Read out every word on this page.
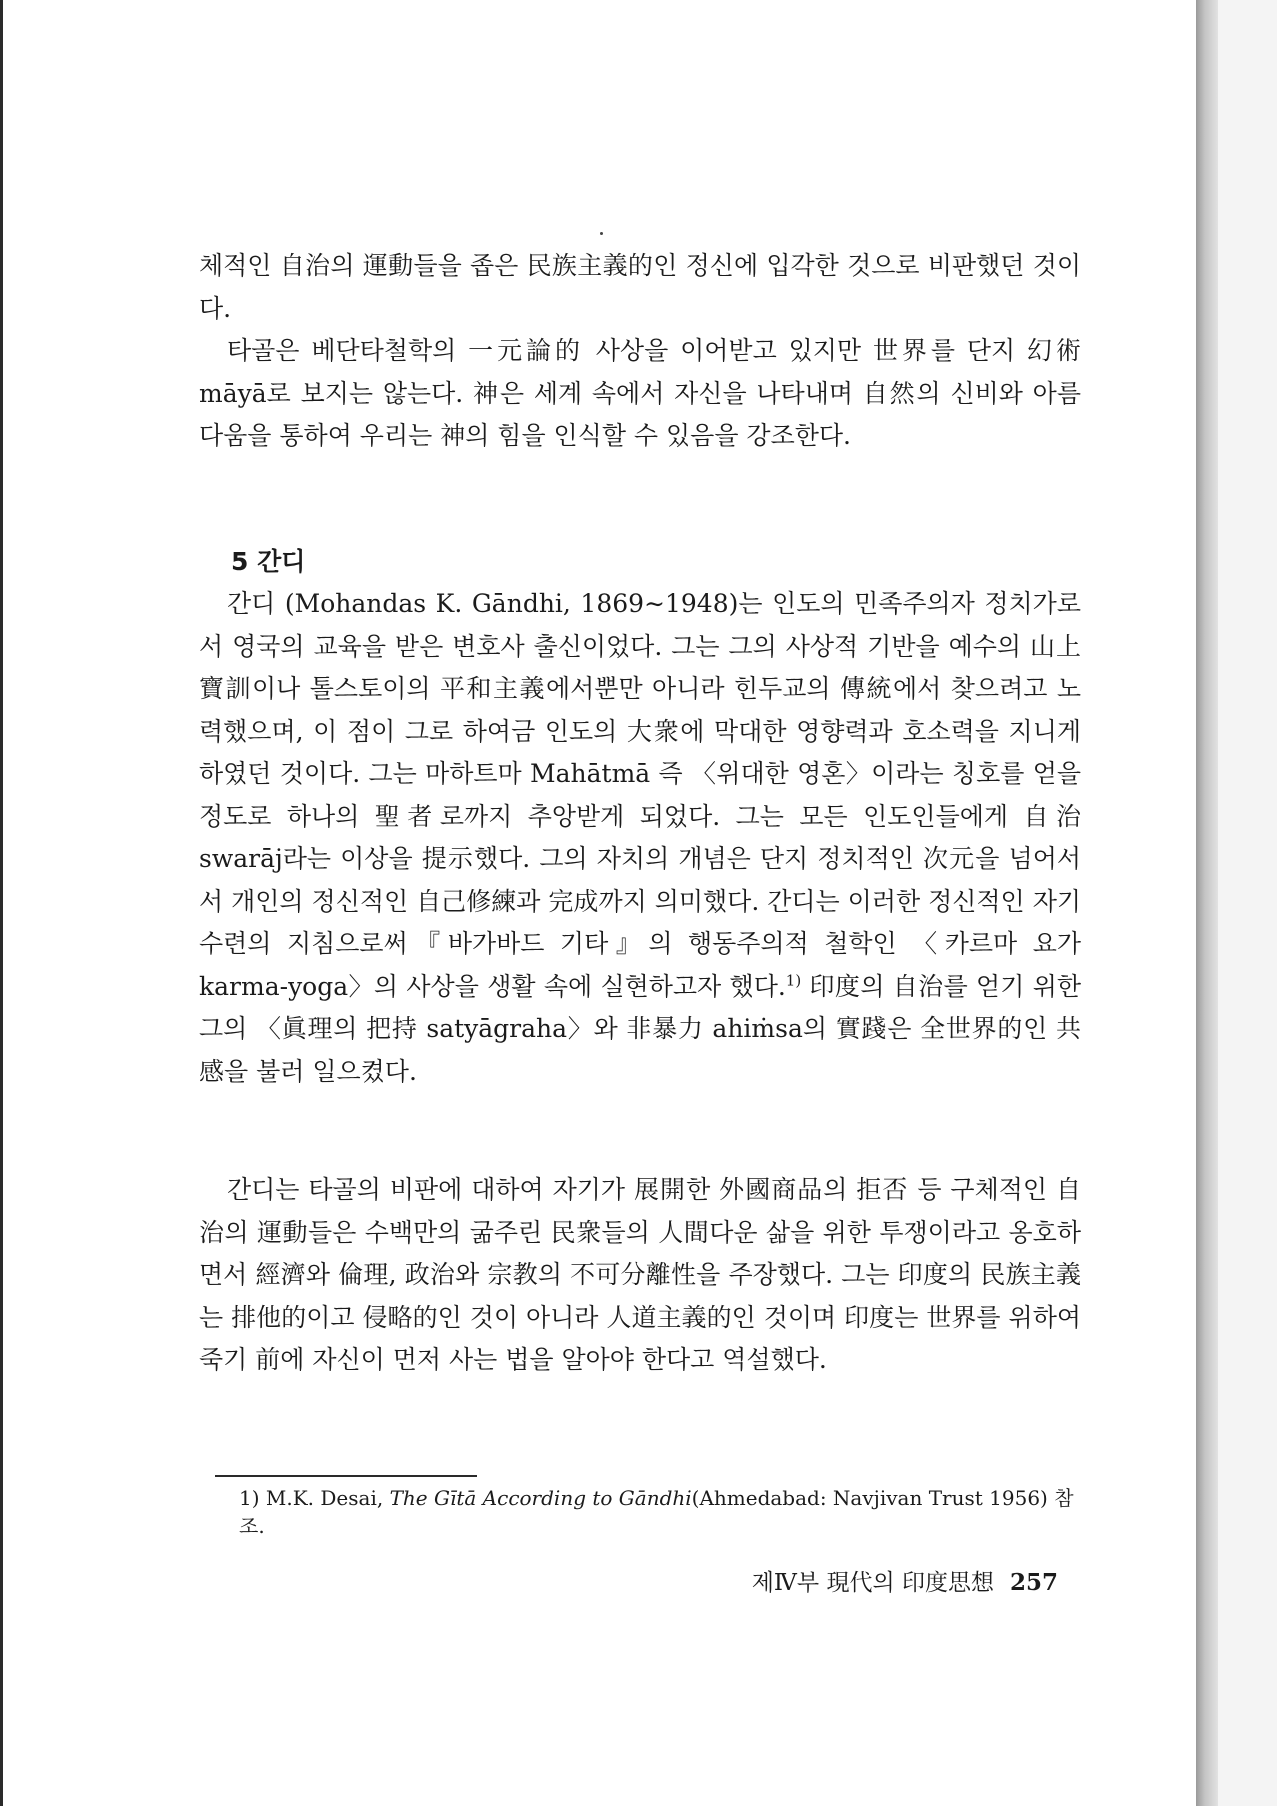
체적인 自治의 運動들을 좁은 民族主義的인 정신에 입각한 것으로 비판했던 것이다.

타골은 베단타철학의 一元論的 사상을 이어받고 있지만 世界를 단지 幻術 māyā로 보지는 않는다. 神은 세계 속에서 자신을 나타내며 自然의 신비와 아름다움을 통하여 우리는 神의 힘을 인식할 수 있음을 강조한다.

5 간디

간디 (Mohandas K. Gāndhi, 1869∼1948)는 인도의 민족주의자 정치가로서 영국의 교육을 받은 변호사 출신이었다. 그는 그의 사상적 기반을 예수의 山上寶訓이나 톨스토이의 平和主義에서뿐만 아니라 힌두교의 傳統에서 찾으려고 노력했으며, 이 점이 그로 하여금 인도의 大衆에 막대한 영향력과 호소력을 지니게 하였던 것이다. 그는 마하트마 Mahātmā 즉 〈위대한 영혼〉이라는 칭호를 얻을 정도로 하나의 聖者로까지 추앙받게 되었다. 그는 모든 인도인들에게 自治 swarāj라는 이상을 提示했다. 그의 자치의 개념은 단지 정치적인 次元을 넘어서서 개인의 정신적인 自己修練과 完成까지 의미했다. 간디는 이러한 정신적인 자기수련의 지침으로써『바가바드 기타』의 행동주의적 철학인 〈카르마 요가 karma-yoga〉의 사상을 생활 속에 실현하고자 했다.$^{1)}$ 印度의 自治를 얻기 위한 그의 〈眞理의 把持 satyāgraha〉와 非暴力 ahiṁsa의 實踐은 全世界的인 共感을 불러 일으켰다.

간디는 타골의 비판에 대하여 자기가 展開한 外國商品의 拒否 등 구체적인 自治의 運動들은 수백만의 굶주린 民衆들의 人間다운 삶을 위한 투쟁이라고 옹호하면서 經濟와 倫理, 政治와 宗教의 不可分離性을 주장했다. 그는 印度의 民族主義는 排他的이고 侵略的인 것이 아니라 人道主義的인 것이며 印度는 世界를 위하여 죽기 前에 자신이 먼저 사는 법을 알아야 한다고 역설했다.

1) M.K. Desai, The Gītā According to Gāndhi(Ahmedabad: Navjivan Trust 1956) 참조.

제Ⅳ부 現代의 印度思想 257
